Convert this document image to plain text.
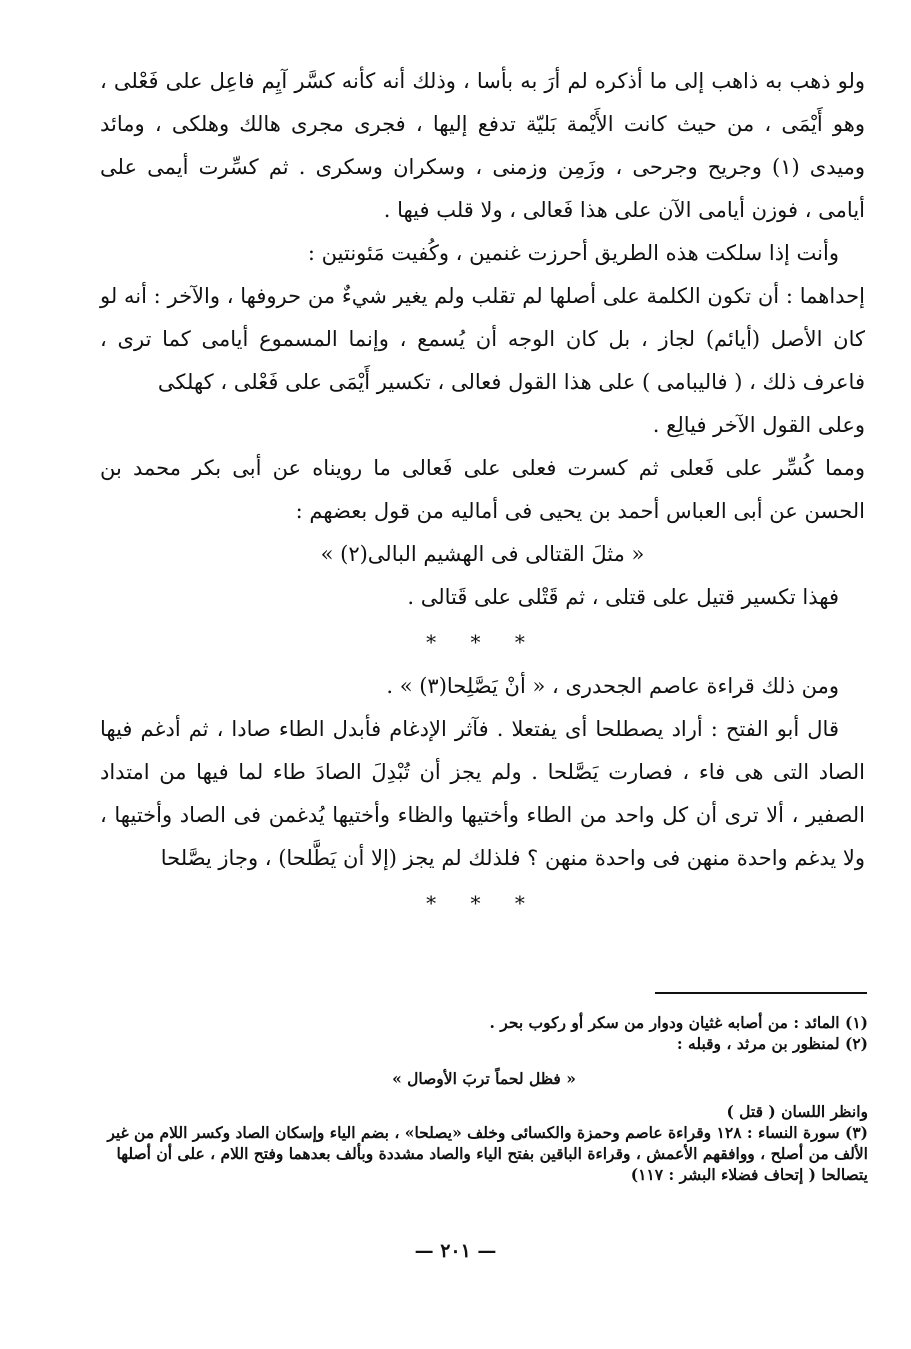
ولو ذهب به ذاهب إلى ما أذكره لم أرَ به بأسا ، وذلك أنه كأنه كسَّر آيِم فاعِل على فَعْلى ، وهو أَيْمَى ، من حيث كانت الأَيْمة بَليّة تدفع إليها ، فجرى مجرى هالك وهلكى ، ومائد وميدى (١) وجريح وجرحى ، وزَمِن وزمنى ، وسكران وسكرى . ثم كسِّرت أيمى على أيامى ، فوزن أيامى الآن على هذا فَعالى ، ولا قلب فيها .

وأنت إذا سلكت هذه الطريق أحرزت غنمين ، وكُفيت مَئونتين :

إحداهما : أن تكون الكلمة على أصلها لم تقلب ولم يغير شيءٌ من حروفها ، والآخر : أنه لو كان الأصل (أيائم) لجاز ، بل كان الوجه أن يُسمع ، وإنما المسموع أيامى كما ترى ، فاعرف ذلك ، ( فاليبامى ) على هذا القول فعالى ، تكسير أَيْمَى على فَعْلى ، كهلكى

وعلى القول الآخر فيالِع .

ومما كُسِّر على فَعلى ثم كسرت فعلى على فَعالى ما رويناه عن أبى بكر محمد بن الحسن عن أبى العباس أحمد بن يحيى فى أماليه من قول بعضهم :

« مثلَ القتالى فى الهشيم البالى(٢) »

فهذا تكسير قتيل على قتلى ، ثم قَتْلى على قَتالى .

* * *

ومن ذلك قراءة عاصم الجحدرى ، « أنْ يَصَّلِحا(٣) » .

قال أبو الفتح : أراد يصطلحا أى يفتعلا . فآثر الإدغام فأبدل الطاء صادا ، ثم أدغم فيها الصاد التى هى فاء ، فصارت يَصَّلحا . ولم يجز أن تُبْدِلَ الصادَ طاء لما فيها من امتداد الصفير ، ألا ترى أن كل واحد من الطاء وأختيها والظاء وأختيها يُدغمن فى الصاد وأختيها ، ولا يدغم واحدة منهن فى واحدة منهن ؟ فلذلك لم يجز (إلا أن يَطَّلحا) ، وجاز يصَّلحا

* * *

(١) المائد : من أصابه غثيان ودوار من سكر أو ركوب بحر .

(٢) لمنظور بن مرثد ، وقبله :

« فظل لحماً تربَ الأوصال »

وانظر اللسان ( قتل )

(٣) سورة النساء : ١٢٨ وقراءة عاصم وحمزة والكسائى وخلف «يصلحا» ، بضم الياء وإسكان الصاد وكسر اللام من غير الألف من أصلح ، ووافقهم الأعمش ، وقراءة الباقين بفتح الياء والصاد مشددة وبألف بعدهما وفتح اللام ، على أن أصلها يتصالحا ( إتحاف فضلاء البشر : ١١٧)

— ٢٠١ —
